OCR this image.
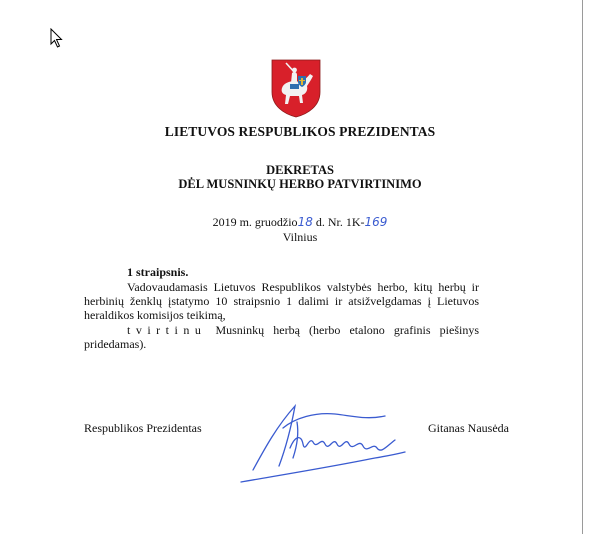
LIETUVOS RESPUBLIKOS PREZIDENTAS
DEKRETAS
DĖL MUSNINKŲ HERBO PATVIRTINIMO
2019 m. gruodžio18 d. Nr. 1K-169
Vilnius
1 straipsnis.
Vadovaudamasis Lietuvos Respublikos valstybės herbo, kitų herbų ir herbinių ženklų įstatymo 10 straipsnio 1 dalimi ir atsižvelgdamas į Lietuvos heraldikos komisijos teikimą,
tvirtinu Musninkų herbą (herbo etalono grafinis piešinys pridedamas).
Respublikos Prezidentas	Gitanas Nausėda
